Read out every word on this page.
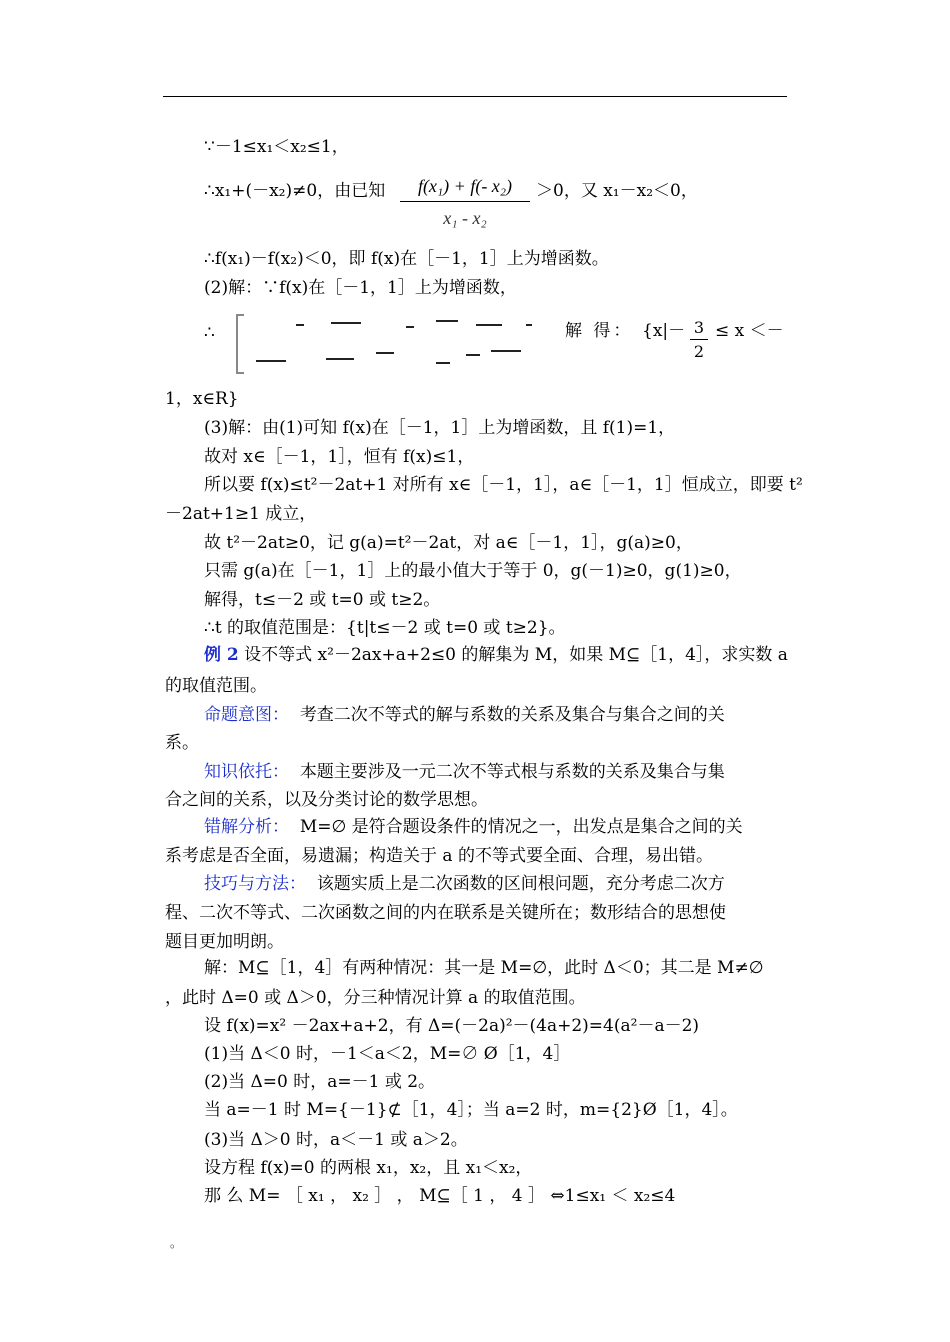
∵－1≤x₁＜x₂≤1，
∴x₁+(－x₂)≠0，由已知	f(x₁) + f(- x₂)
x₁ - x₂
＞0，又 x₁－x₂＜0，
∴f(x₁)－f(x₂)＜0，即 f(x)在［－1，1］上为增函数。
(2)解：∵f(x)在［－1，1］上为增函数，
∴	解 得： {x|－ 3
2
≤ x ＜－
1，x∈R}
(3)解：由(1)可知 f(x)在［－1，1］上为增函数，且 f(1)=1，
故对 x∈［－1，1］，恒有 f(x)≤1，
所以要 f(x)≤t²－2at+1 对所有 x∈［－1，1］，a∈［－1，1］恒成立，即要 t²
－2at+1≥1 成立，
故 t²－2at≥0，记 g(a)=t²－2at，对 a∈［－1，1］，g(a)≥0，
只需 g(a)在［－1，1］上的最小值大于等于 0，g(－1)≥0，g(1)≥0，
解得，t≤－2 或 t=0 或 t≥2。
∴t 的取值范围是：{t|t≤－2 或 t=0 或 t≥2}。
例 2 设不等式 x²－2ax+a+2≤0 的解集为 M，如果 M⊆［1，4］，求实数 a
的取值范围。
命题意图： 考查二次不等式的解与系数的关系及集合与集合之间的关
系。
知识依托： 本题主要涉及一元二次不等式根与系数的关系及集合与集
合之间的关系，以及分类讨论的数学思想。
错解分析： M=∅ 是符合题设条件的情况之一，出发点是集合之间的关
系考虑是否全面，易遗漏；构造关于 a 的不等式要全面、合理，易出错。
技巧与方法： 该题实质上是二次函数的区间根问题，充分考虑二次方
程、二次不等式、二次函数之间的内在联系是关键所在；数形结合的思想使
题目更加明朗。
解：M⊆［1，4］有两种情况：其一是 M=∅，此时 Δ＜0；其二是 M≠∅
，此时 Δ=0 或 Δ＞0，分三种情况计算 a 的取值范围。
设 f(x)=x² －2ax+a+2，有 Δ=(－2a)²－(4a+2)=4(a²－a－2)
(1)当 Δ＜0 时，－1＜a＜2，M=∅ Ø［1，4］
(2)当 Δ=0 时，a=－1 或 2。
当 a=－1 时 M={－1}⊄［1，4］；当 a=2 时，m={2}Ø［1，4］。
(3)当 Δ＞0 时，a＜－1 或 a＞2。
设方程 f(x)=0 的两根 x₁，x₂，且 x₁＜x₂，
那 么 M= ［ x₁ ， x₂ ］ ， M⊆［ 1 ， 4 ］ ⇔1≤x₁ ＜ x₂≤4
。
